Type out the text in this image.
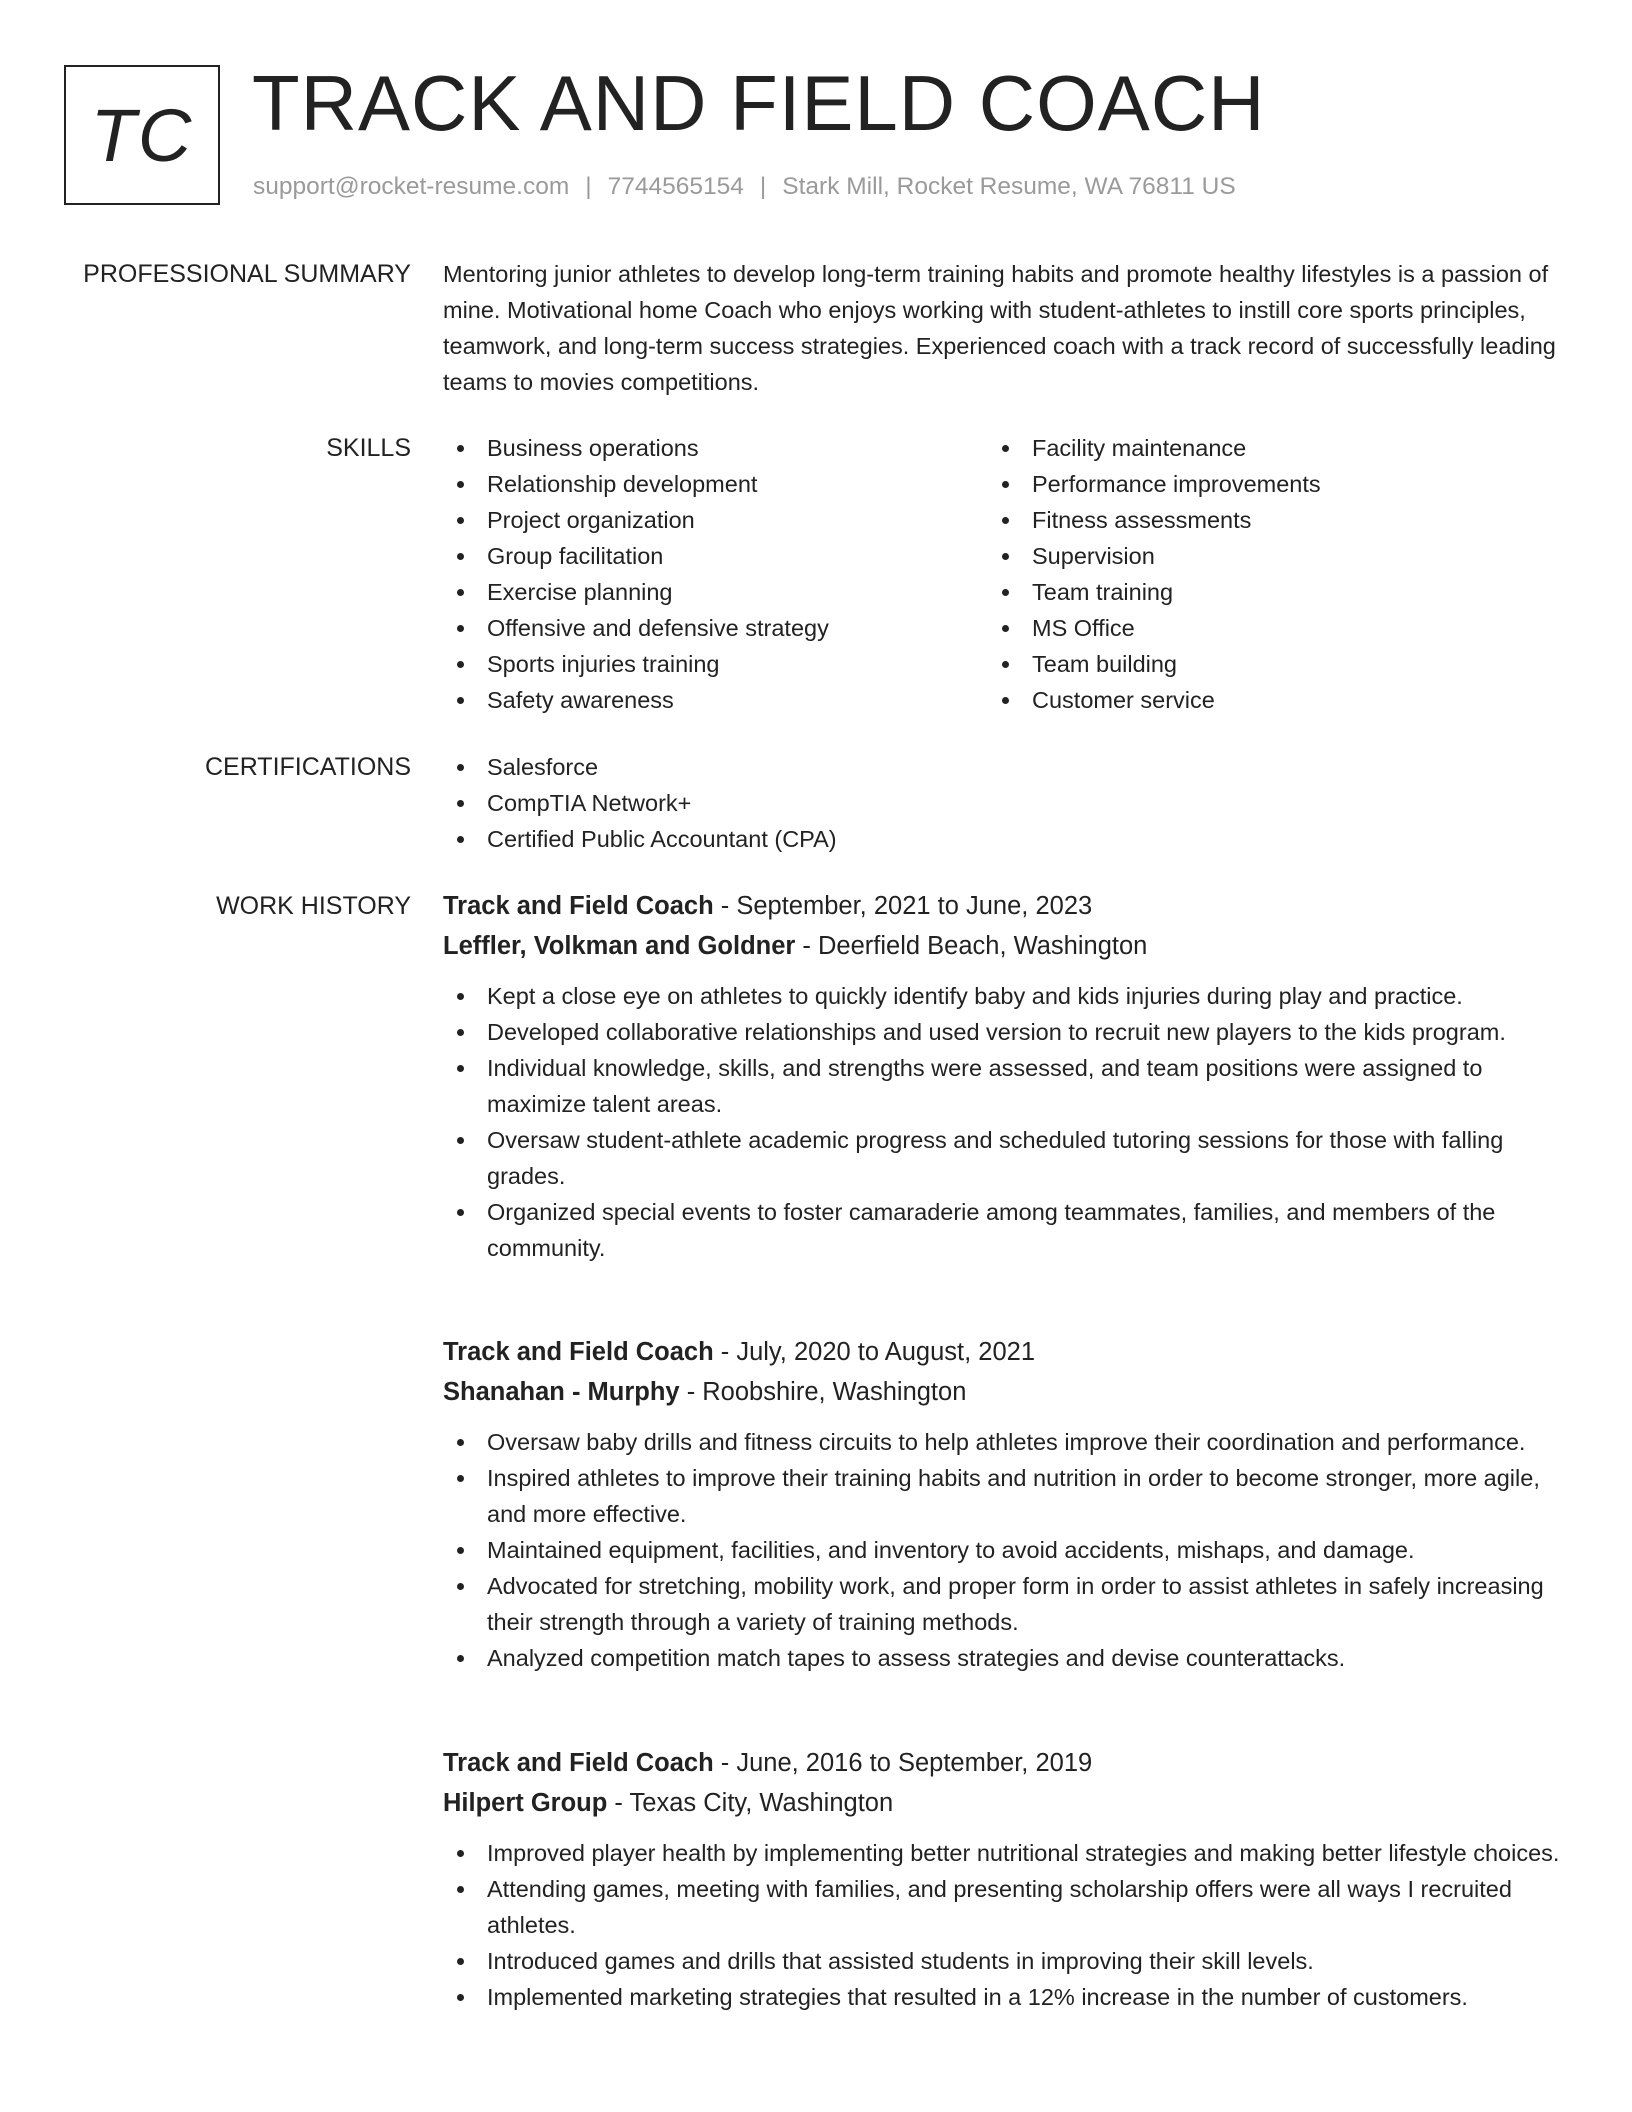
TC TRACK AND FIELD COACH
support@rocket-resume.com | 7744565154 | Stark Mill, Rocket Resume, WA 76811 US
PROFESSIONAL SUMMARY Mentoring junior athletes to develop long-term training habits and promote healthy lifestyles is a passion of mine. Motivational home Coach who enjoys working with student-athletes to instill core sports principles, teamwork, and long-term success strategies. Experienced coach with a track record of successfully leading teams to movies competitions.

SKILLS	Business operations
Relationship development
Project organization
Group facilitation
Exercise planning
Offensive and defensive strategy
Sports injuries training
Safety awareness
Facility maintenance
Performance improvements
Fitness assessments
Supervision
Team training
MS Office
Team building
Customer service
CERTIFICATIONS	Salesforce
CompTIA Network+
Certified Public Accountant (CPA)
WORK HISTORY Track and Field Coach - September, 2021 to June, 2023
Leffler, Volkman and Goldner - Deerfield Beach, Washington
Kept a close eye on athletes to quickly identify baby and kids injuries during play and practice.
Developed collaborative relationships and used version to recruit new players to the kids program.
Individual knowledge, skills, and strengths were assessed, and team positions were assigned to maximize talent areas.
Oversaw student-athlete academic progress and scheduled tutoring sessions for those with falling grades.
Organized special events to foster camaraderie among teammates, families, and members of the community.
Track and Field Coach - July, 2020 to August, 2021
Shanahan - Murphy - Roobshire, Washington
Oversaw baby drills and fitness circuits to help athletes improve their coordination and performance.
Inspired athletes to improve their training habits and nutrition in order to become stronger, more agile, and more effective.
Maintained equipment, facilities, and inventory to avoid accidents, mishaps, and damage.
Advocated for stretching, mobility work, and proper form in order to assist athletes in safely increasing their strength through a variety of training methods.
Analyzed competition match tapes to assess strategies and devise counterattacks.
Track and Field Coach - June, 2016 to September, 2019
Hilpert Group - Texas City, Washington
Improved player health by implementing better nutritional strategies and making better lifestyle choices.
Attending games, meeting with families, and presenting scholarship offers were all ways I recruited athletes.
Introduced games and drills that assisted students in improving their skill levels.
Implemented marketing strategies that resulted in a 12% increase in the number of customers.
